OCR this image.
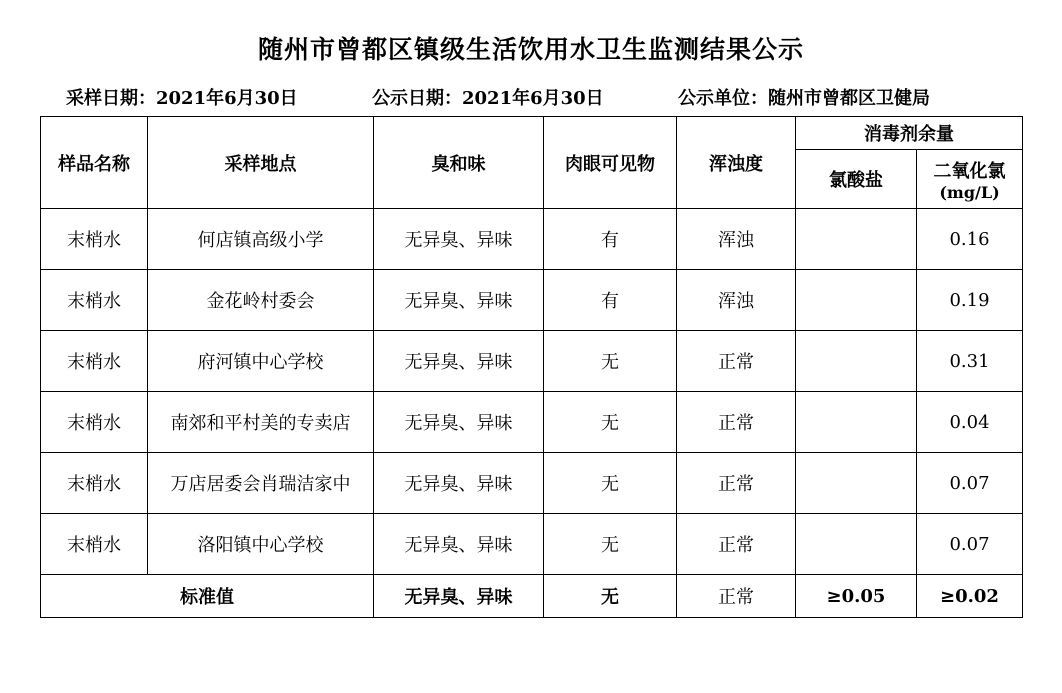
随州市曾都区镇级生活饮用水卫生监测结果公示
采样日期：2021年6月30日	公示日期：2021年6月30日	公示单位：随州市曾都区卫健局
样品名称	采样地点	臭和味	肉眼可见物	浑浊度	消毒剂余量	
					氯酸盐	二氧化氯
(mg/L)

末梢水	何店镇高级小学	无异臭、异味	有	浑浊		0.16
末梢水	金花岭村委会	无异臭、异味	有	浑浊		0.19
末梢水	府河镇中心学校	无异臭、异味	无	正常		0.31
末梢水	南郊和平村美的专卖店	无异臭、异味	无	正常		0.04
末梢水	万店居委会肖瑞洁家中	无异臭、异味	无	正常		0.07
末梢水	洛阳镇中心学校	无异臭、异味	无	正常		0.07
标准值		无异臭、异味	无	正常	≥0.05	≥0.02
